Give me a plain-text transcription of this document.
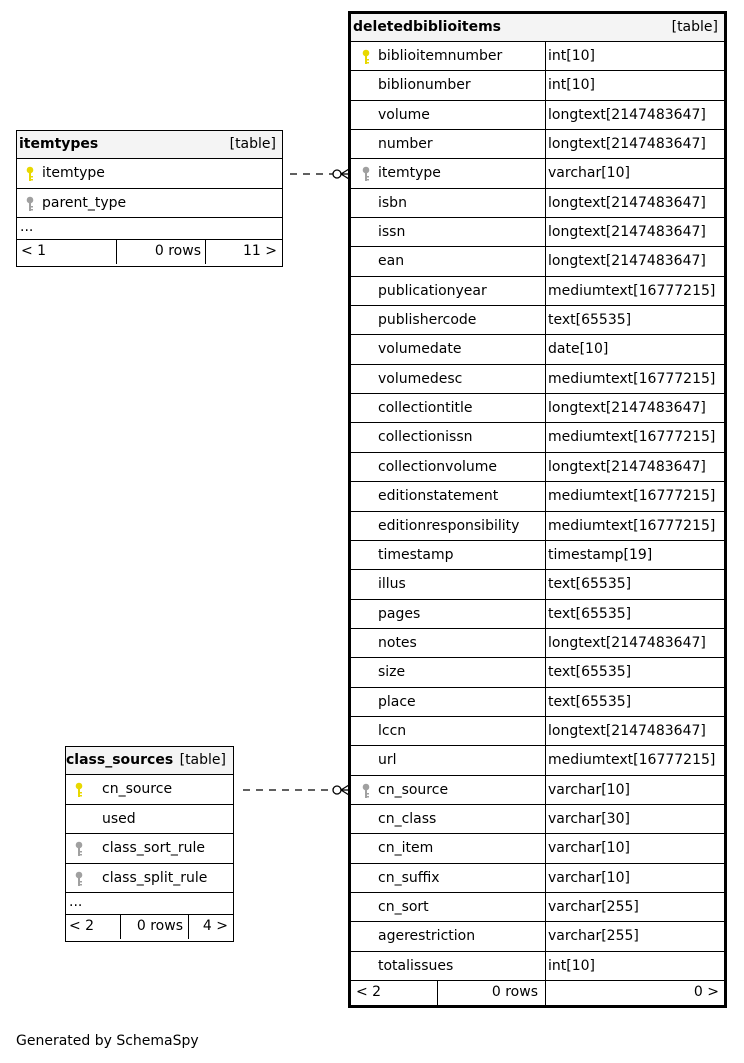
deletedbiblioitems	[table]
biblioitemnumber	int[10]
biblionumber	int[10]
volume	longtext[2147483647]
number	longtext[2147483647]
itemtype	varchar[10]
isbn	longtext[2147483647]
issn	longtext[2147483647]
ean	longtext[2147483647]
publicationyear	mediumtext[16777215]
publishercode	text[65535]
volumedate	date[10]
volumedesc	mediumtext[16777215]
collectiontitle	longtext[2147483647]
collectionissn	mediumtext[16777215]
collectionvolume	longtext[2147483647]
editionstatement	mediumtext[16777215]
editionresponsibility mediumtext[16777215]
timestamp	timestamp[19]
illus	text[65535]
pages	text[65535]
notes	longtext[2147483647]
size	text[65535]
place	text[65535]
lccn	longtext[2147483647]
url	mediumtext[16777215]
cn_source	varchar[10]
cn_class	varchar[30]
cn_item	varchar[10]
cn_suffix	varchar[10]
cn_sort	varchar[255]
agerestriction	varchar[255]
totalissues	int[10]
< 2	0 rows	0 >
itemtypes	[table]
itemtype
parent_type
...
< 1	0 rows	11 >
class_sources [table]
cn_source
used
class_sort_rule
class_split_rule
...
< 2	0 rows 4 >
Generated by SchemaSpy
